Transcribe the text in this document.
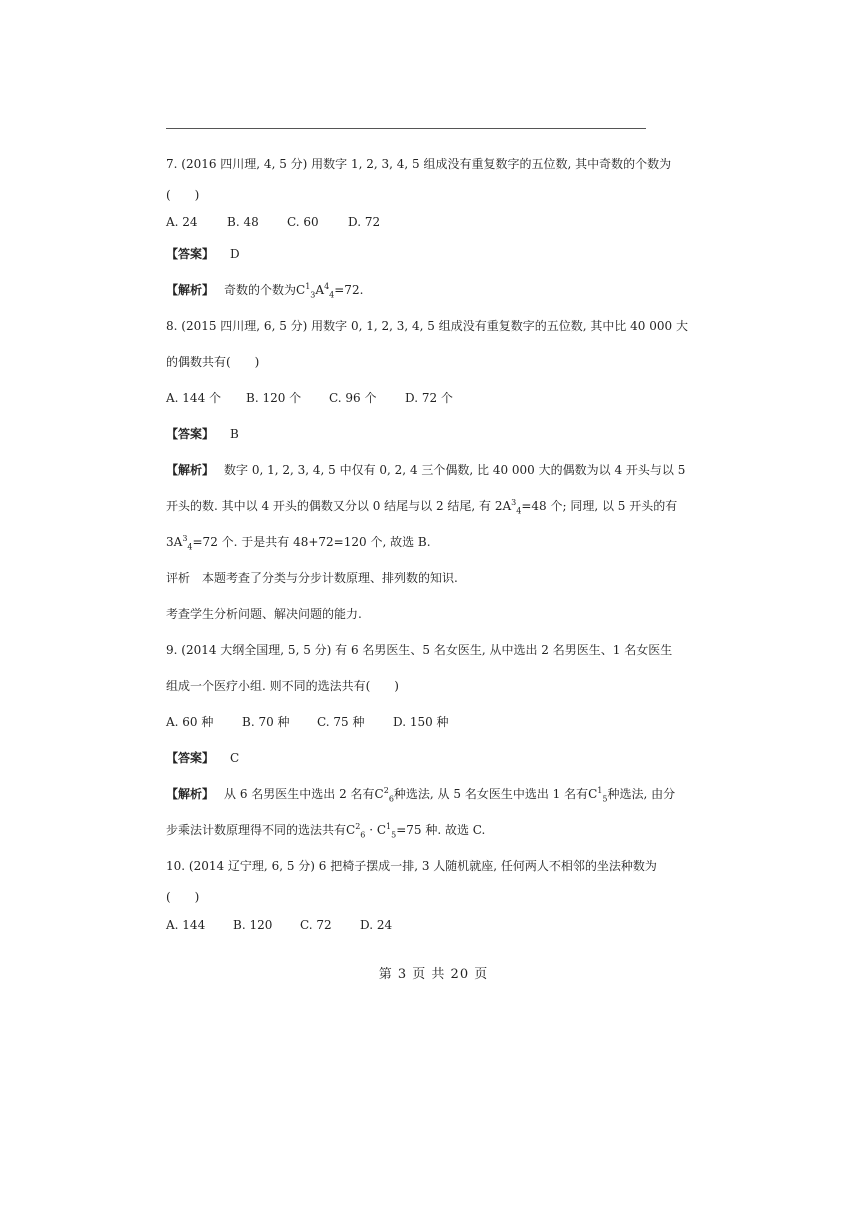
7. (2016 四川理, 4, 5 分) 用数字 1, 2, 3, 4, 5 组成没有重复数字的五位数, 其中奇数的个数为
(　　)
A. 24	B. 48	C. 60	D. 72
【答案】 D
【解析】 奇数的个数为$C^1_3A^4_4=72$.
8. (2015 四川理, 6, 5 分) 用数字 0, 1, 2, 3, 4, 5 组成没有重复数字的五位数, 其中比 40 000 大
的偶数共有(　　)
A. 144 个	B. 120 个	C. 96 个	D. 72 个
【答案】 B
【解析】 数字 0, 1, 2, 3, 4, 5 中仅有 0, 2, 4 三个偶数, 比 40 000 大的偶数为以 4 开头与以 5
开头的数. 其中以 4 开头的偶数又分以 0 结尾与以 2 结尾, 有 $2A^3_4=48$ 个; 同理, 以 5 开头的有
$3A^3_4=72$ 个. 于是共有 48+72=120 个, 故选 B.
评析　本题考查了分类与分步计数原理、排列数的知识.
考查学生分析问题、解决问题的能力.
9. (2014 大纲全国理, 5, 5 分) 有 6 名男医生、5 名女医生, 从中选出 2 名男医生、1 名女医生
组成一个医疗小组. 则不同的选法共有(　　)
A. 60 种	B. 70 种	C. 75 种	D. 150 种
【答案】 C
【解析】 从 6 名男医生中选出 2 名有$C^2_6$种选法, 从 5 名女医生中选出 1 名有$C^1_5$种选法, 由分
步乘法计数原理得不同的选法共有$C^2_6 \cdot C^1_5=75$ 种. 故选 C.
10. (2014 辽宁理, 6, 5 分) 6 把椅子摆成一排, 3 人随机就座, 任何两人不相邻的坐法种数为
(　　)
A. 144	B. 120	C. 72	D. 24
第 3 页 共 20 页
